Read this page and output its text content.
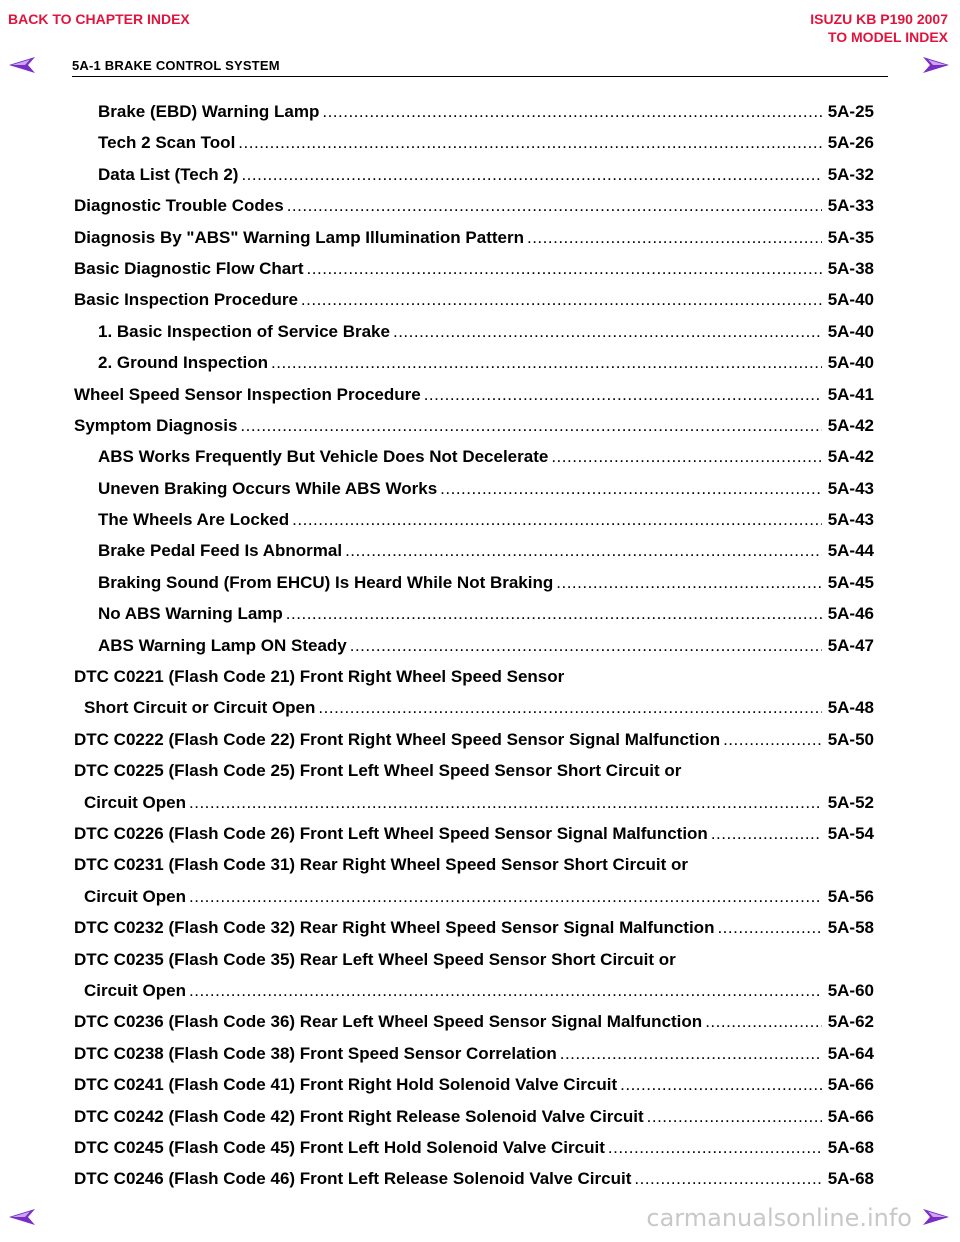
BACK TO CHAPTER INDEX	ISUZU KB P190 2007
TO MODEL INDEX
5A-1 BRAKE CONTROL SYSTEM
Brake (EBD) Warning Lamp .....	5A-25
Tech 2 Scan Tool .....	5A-26
Data List (Tech 2) .....	5A-32
Diagnostic Trouble Codes .....	5A-33
Diagnosis By "ABS" Warning Lamp Illumination Pattern .....	5A-35
Basic Diagnostic Flow Chart .....	5A-38
Basic Inspection Procedure .....	5A-40
1. Basic Inspection of Service Brake .....	5A-40
2. Ground Inspection .....	5A-40
Wheel Speed Sensor Inspection Procedure .....	5A-41
Symptom Diagnosis .....	5A-42
ABS Works Frequently But Vehicle Does Not Decelerate .....	5A-42
Uneven Braking Occurs While ABS Works .....	5A-43
The Wheels Are Locked .....	5A-43
Brake Pedal Feed Is Abnormal .....	5A-44
Braking Sound (From EHCU) Is Heard While Not Braking .....	5A-45
No ABS Warning Lamp .....	5A-46
ABS Warning Lamp ON Steady .....	5A-47
DTC C0221 (Flash Code 21) Front Right Wheel Speed Sensor
Short Circuit or Circuit Open .....	5A-48
DTC C0222 (Flash Code 22) Front Right Wheel Speed Sensor Signal Malfunction .....	5A-50
DTC C0225 (Flash Code 25) Front Left Wheel Speed Sensor Short Circuit or
Circuit Open .....	5A-52
DTC C0226 (Flash Code 26) Front Left Wheel Speed Sensor Signal Malfunction .....	5A-54
DTC C0231 (Flash Code 31) Rear Right Wheel Speed Sensor Short Circuit or
Circuit Open .....	5A-56
DTC C0232 (Flash Code 32) Rear Right Wheel Speed Sensor Signal Malfunction .....	5A-58
DTC C0235 (Flash Code 35) Rear Left Wheel Speed Sensor Short Circuit or
Circuit Open .....	5A-60
DTC C0236 (Flash Code 36) Rear Left Wheel Speed Sensor Signal Malfunction .....	5A-62
DTC C0238 (Flash Code 38) Front Speed Sensor Correlation .....	5A-64
DTC C0241 (Flash Code 41) Front Right Hold Solenoid Valve Circuit .....	5A-66
DTC C0242 (Flash Code 42) Front Right Release Solenoid Valve Circuit .....	5A-66
DTC C0245 (Flash Code 45) Front Left Hold Solenoid Valve Circuit .....	5A-68
DTC C0246 (Flash Code 46) Front Left Release Solenoid Valve Circuit .....	5A-68
carmanualsonline.info
